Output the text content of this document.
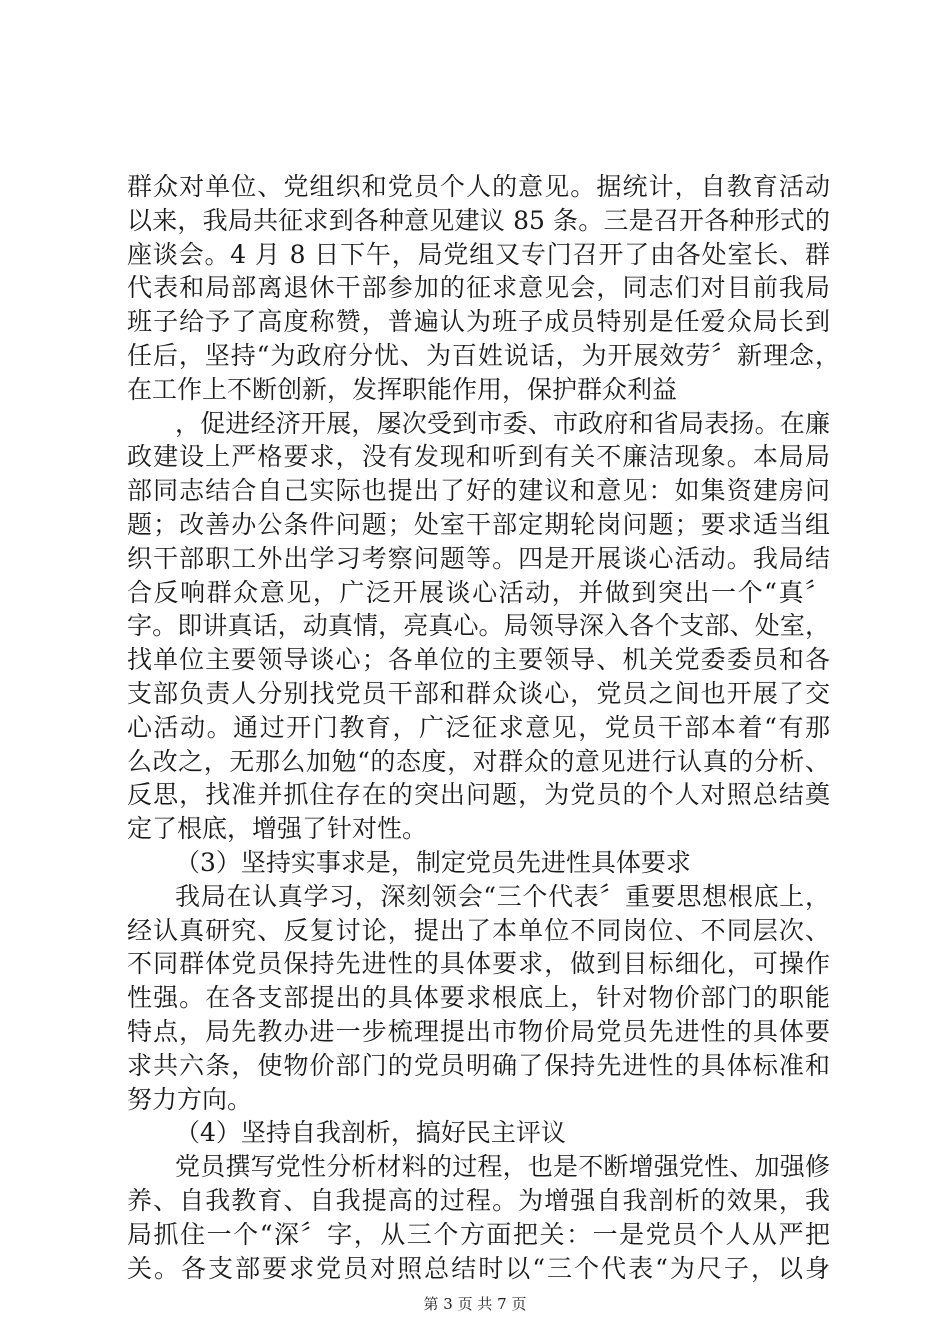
群众对单位、党组织和党员个人的意见。据统计，自教育活动
以来，我局共征求到各种意见建议 85 条。三是召开各种形式的
座谈会。4 月 8 日下午，局党组又专门召开了由各处室长、群
代表和局部离退休干部参加的征求意见会，同志们对目前我局
班子给予了高度称赞，普遍认为班子成员特别是任爱众局长到
任后，坚持“为政府分忧、为百姓说话，为开展效劳〞新理念，
在工作上不断创新，发挥职能作用，保护群众利益
，促进经济开展，屡次受到市委、市政府和省局表扬。在廉
政建设上严格要求，没有发现和听到有关不廉洁现象。本局局
部同志结合自己实际也提出了好的建议和意见：如集资建房问
题；改善办公条件问题；处室干部定期轮岗问题；要求适当组
织干部职工外出学习考察问题等。四是开展谈心活动。我局结
合反响群众意见，广泛开展谈心活动，并做到突出一个“真〞
字。即讲真话，动真情，亮真心。局领导深入各个支部、处室，
找单位主要领导谈心；各单位的主要领导、机关党委委员和各
支部负责人分别找党员干部和群众谈心，党员之间也开展了交
心活动。通过开门教育，广泛征求意见，党员干部本着“有那
么改之，无那么加勉“的态度，对群众的意见进行认真的分析、
反思，找准并抓住存在的突出问题，为党员的个人对照总结奠
定了根底，增强了针对性。
（3）坚持实事求是，制定党员先进性具体要求
我局在认真学习，深刻领会“三个代表〞重要思想根底上，
经认真研究、反复讨论，提出了本单位不同岗位、不同层次、
不同群体党员保持先进性的具体要求，做到目标细化，可操作
性强。在各支部提出的具体要求根底上，针对物价部门的职能
特点，局先教办进一步梳理提出市物价局党员先进性的具体要
求共六条，使物价部门的党员明确了保持先进性的具体标准和
努力方向。
（4）坚持自我剖析，搞好民主评议
党员撰写党性分析材料的过程，也是不断增强党性、加强修
养、自我教育、自我提高的过程。为增强自我剖析的效果，我
局抓住一个“深〞字，从三个方面把关：一是党员个人从严把
关。各支部要求党员对照总结时以“三个代表“为尺子，以身
第 3 页 共 7 页
